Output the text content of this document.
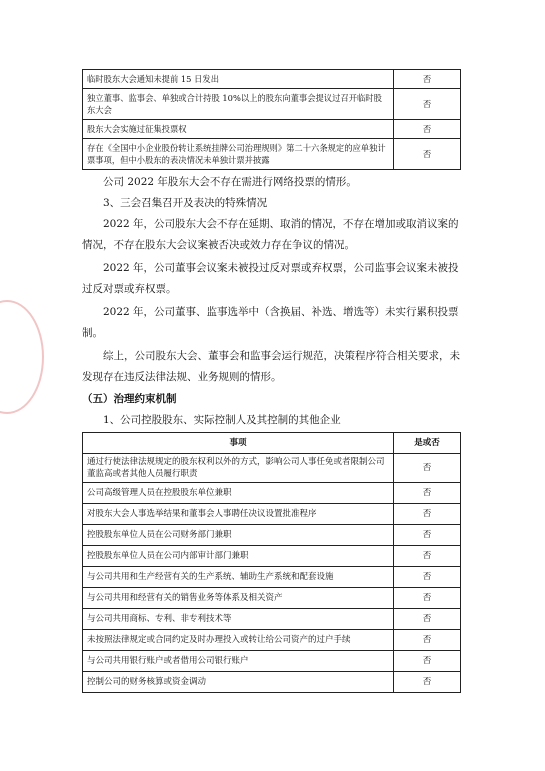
临时股东大会通知未提前 15 日发出	否
独立董事、监事会、单独或合计持股 10%以上的股东向董事会提议过召开临时股东大会	否
股东大会实施过征集投票权	否
存在《全国中小企业股份转让系统挂牌公司治理规则》第二十六条规定的应单独计票事项，但中小股东的表决情况未单独计票并披露	否
公司 2022 年股东大会不存在需进行网络投票的情形。
3、三会召集召开及表决的特殊情况
2022 年，公司股东大会不存在延期、取消的情况，不存在增加或取消议案的情况，不存在股东大会议案被否决或效力存在争议的情况。
2022 年，公司董事会议案未被投过反对票或弃权票，公司监事会议案未被投过反对票或弃权票。
2022 年，公司董事、监事选举中（含换届、补选、增选等）未实行累积投票制。
综上，公司股东大会、董事会和监事会运行规范，决策程序符合相关要求，未发现存在违反法律法规、业务规则的情形。
（五）治理约束机制
1、公司控股股东、实际控制人及其控制的其他企业
事项	是或否
通过行使法律法规规定的股东权利以外的方式，影响公司人事任免或者限制公司董监高或者其他人员履行职责	否
公司高级管理人员在控股股东单位兼职	否
对股东大会人事选举结果和董事会人事聘任决议设置批准程序	否
控股股东单位人员在公司财务部门兼职	否
控股股东单位人员在公司内部审计部门兼职	否
与公司共用和生产经营有关的生产系统、辅助生产系统和配套设施	否
与公司共用和经营有关的销售业务等体系及相关资产	否
与公司共用商标、专利、非专利技术等	否
未按照法律规定或合同约定及时办理投入或转让给公司资产的过户手续	否
与公司共用银行账户或者借用公司银行账户	否
控制公司的财务核算或资金调动	否
